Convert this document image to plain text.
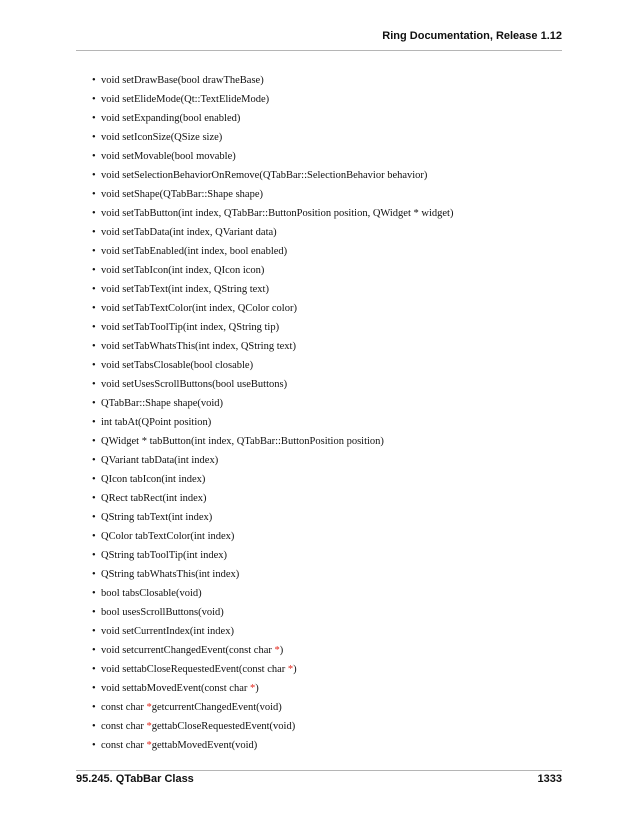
Ring Documentation, Release 1.12
• void setDrawBase(bool drawTheBase)
• void setElideMode(Qt::TextElideMode)
• void setExpanding(bool enabled)
• void setIconSize(QSize size)
• void setMovable(bool movable)
• void setSelectionBehaviorOnRemove(QTabBar::SelectionBehavior behavior)
• void setShape(QTabBar::Shape shape)
• void setTabButton(int index, QTabBar::ButtonPosition position, QWidget * widget)
• void setTabData(int index, QVariant data)
• void setTabEnabled(int index, bool enabled)
• void setTabIcon(int index, QIcon icon)
• void setTabText(int index, QString text)
• void setTabTextColor(int index, QColor color)
• void setTabToolTip(int index, QString tip)
• void setTabWhatsThis(int index, QString text)
• void setTabsClosable(bool closable)
• void setUsesScrollButtons(bool useButtons)
• QTabBar::Shape shape(void)
• int tabAt(QPoint position)
• QWidget * tabButton(int index, QTabBar::ButtonPosition position)
• QVariant tabData(int index)
• QIcon tabIcon(int index)
• QRect tabRect(int index)
• QString tabText(int index)
• QColor tabTextColor(int index)
• QString tabToolTip(int index)
• QString tabWhatsThis(int index)
• bool tabsClosable(void)
• bool usesScrollButtons(void)
• void setCurrentIndex(int index)
• void setcurrentChangedEvent(const char *)
• void settabCloseRequestedEvent(const char *)
• void settabMovedEvent(const char *)
• const char *getcurrentChangedEvent(void)
• const char *gettabCloseRequestedEvent(void)
• const char *gettabMovedEvent(void)
95.245. QTabBar Class	1333
